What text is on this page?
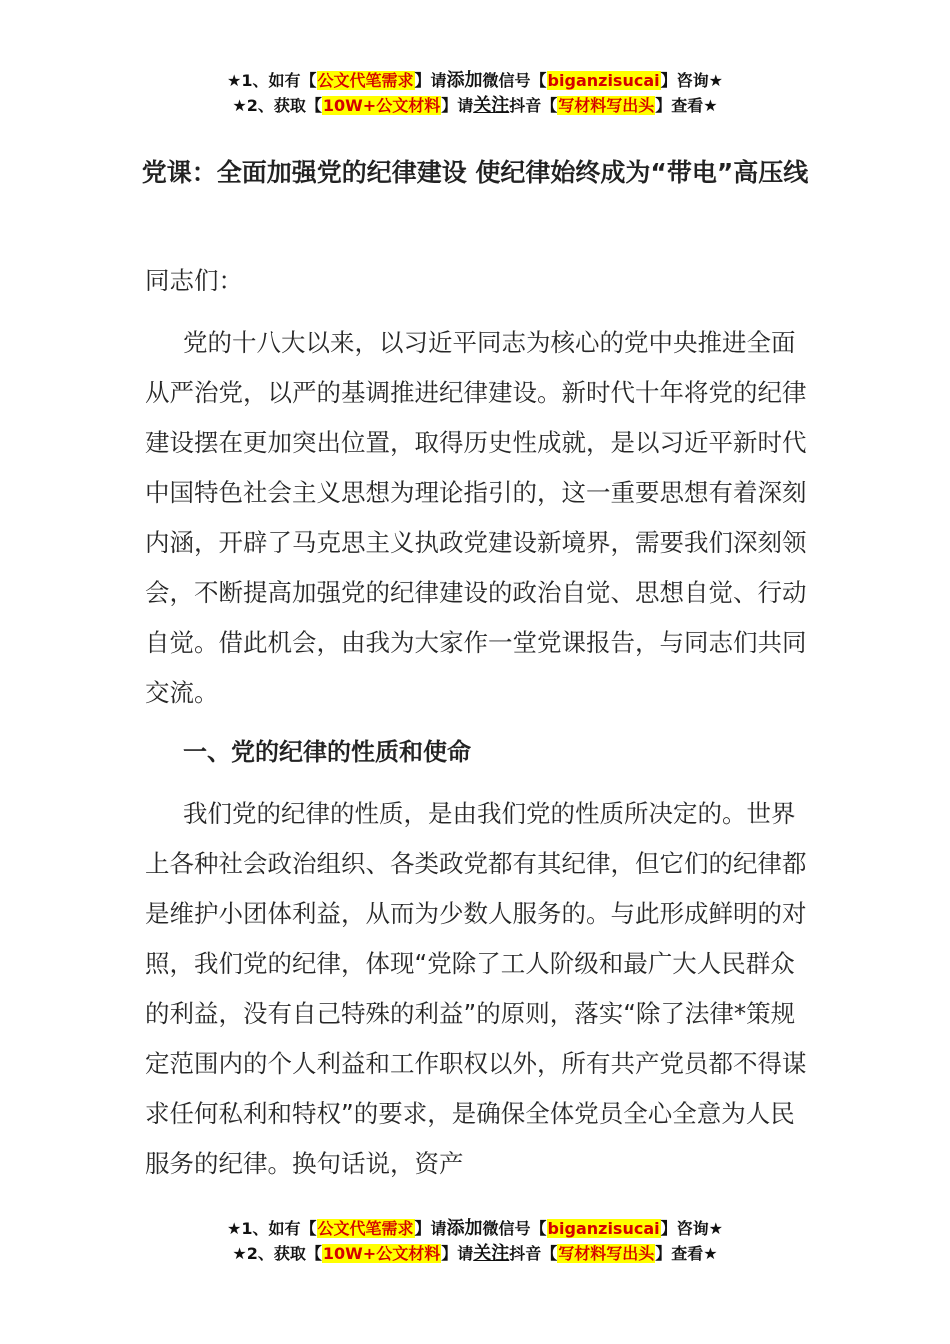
★1、如有【公文代笔需求】请添加微信号【biganzisucai】咨询★
★2、获取【10W+公文材料】请关注抖音【写材料写出头】查看★
党课：全面加强党的纪律建设 使纪律始终成为“带电”高压线

同志们：

党的十八大以来，以习近平同志为核心的党中央推进全面从严治党，以严的基调推进纪律建设。新时代十年将党的纪律建设摆在更加突出位置，取得历史性成就，是以习近平新时代中国特色社会主义思想为理论指引的，这一重要思想有着深刻内涵，开辟了马克思主义执政党建设新境界，需要我们深刻领会，不断提高加强党的纪律建设的政治自觉、思想自觉、行动自觉。借此机会，由我为大家作一堂党课报告，与同志们共同交流。

一、党的纪律的性质和使命

我们党的纪律的性质，是由我们党的性质所决定的。世界上各种社会政治组织、各类政党都有其纪律，但它们的纪律都是维护小团体利益，从而为少数人服务的。与此形成鲜明的对照，我们党的纪律，体现“党除了工人阶级和最广大人民群众的利益，没有自己特殊的利益”的原则，落实“除了法律*策规定范围内的个人利益和工作职权以外，所有共产党员都不得谋求任何私利和特权”的要求，是确保全体党员全心全意为人民服务的纪律。换句话说，资产

★1、如有【公文代笔需求】请添加微信号【biganzisucai】咨询★
★2、获取【10W+公文材料】请关注抖音【写材料写出头】查看★
